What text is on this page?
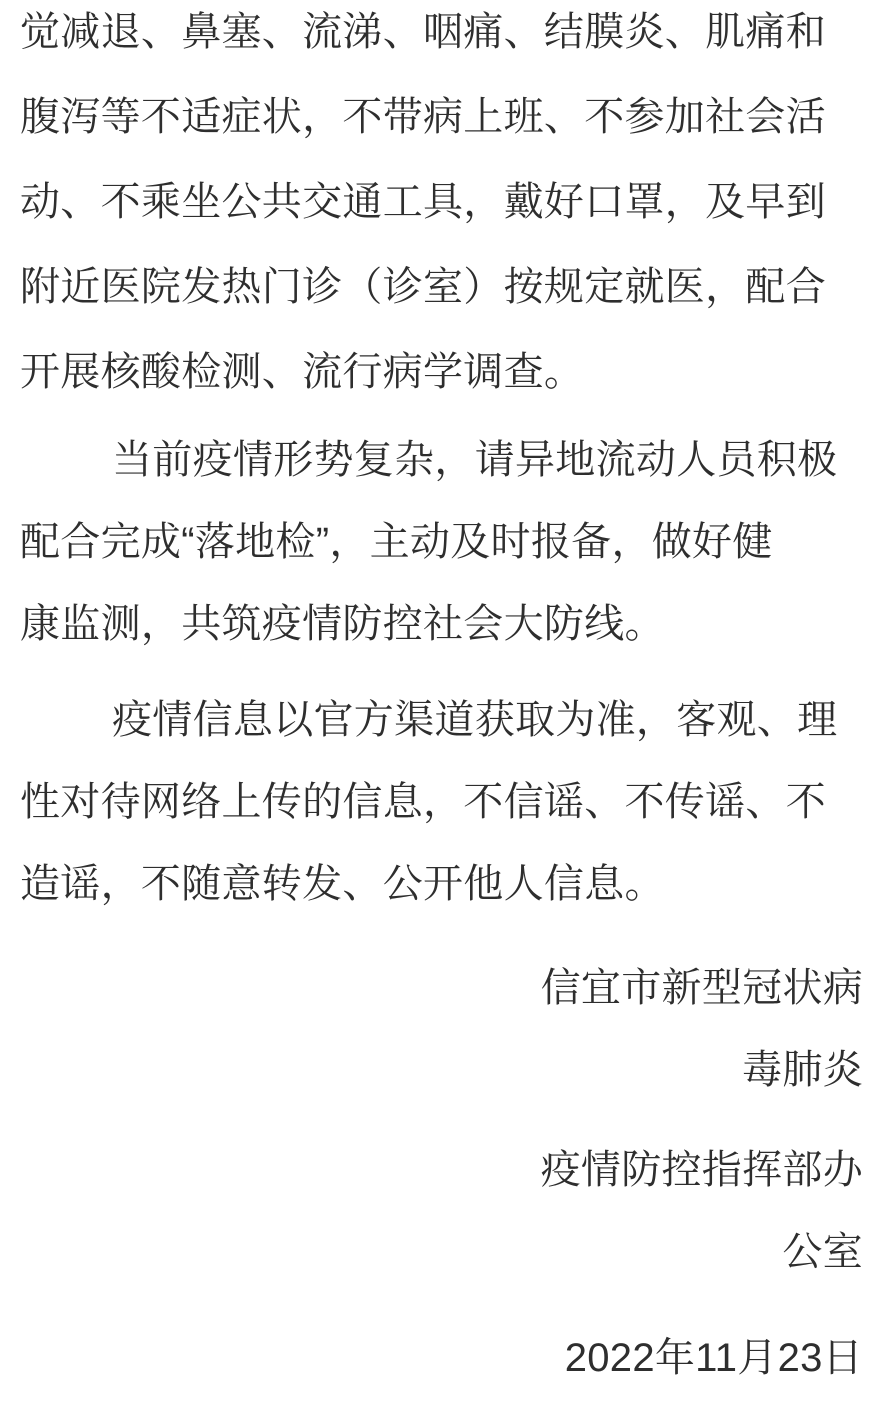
觉减退、鼻塞、流涕、咽痛、结膜炎、肌痛和
腹泻等不适症状，不带病上班、不参加社会活
动、不乘坐公共交通工具，戴好口罩，及早到
附近医院发热门诊（诊室）按规定就医，配合
开展核酸检测、流行病学调查。

当前疫情形势复杂，请异地流动人员积极
配合完成“落地检”，主动及时报备，做好健
康监测，共筑疫情防控社会大防线。

疫情信息以官方渠道获取为准，客观、理
性对待网络上传的信息，不信谣、不传谣、不
造谣，不随意转发、公开他人信息。

信宜市新型冠状病
毒肺炎

疫情防控指挥部办
公室

2022年11月23日
